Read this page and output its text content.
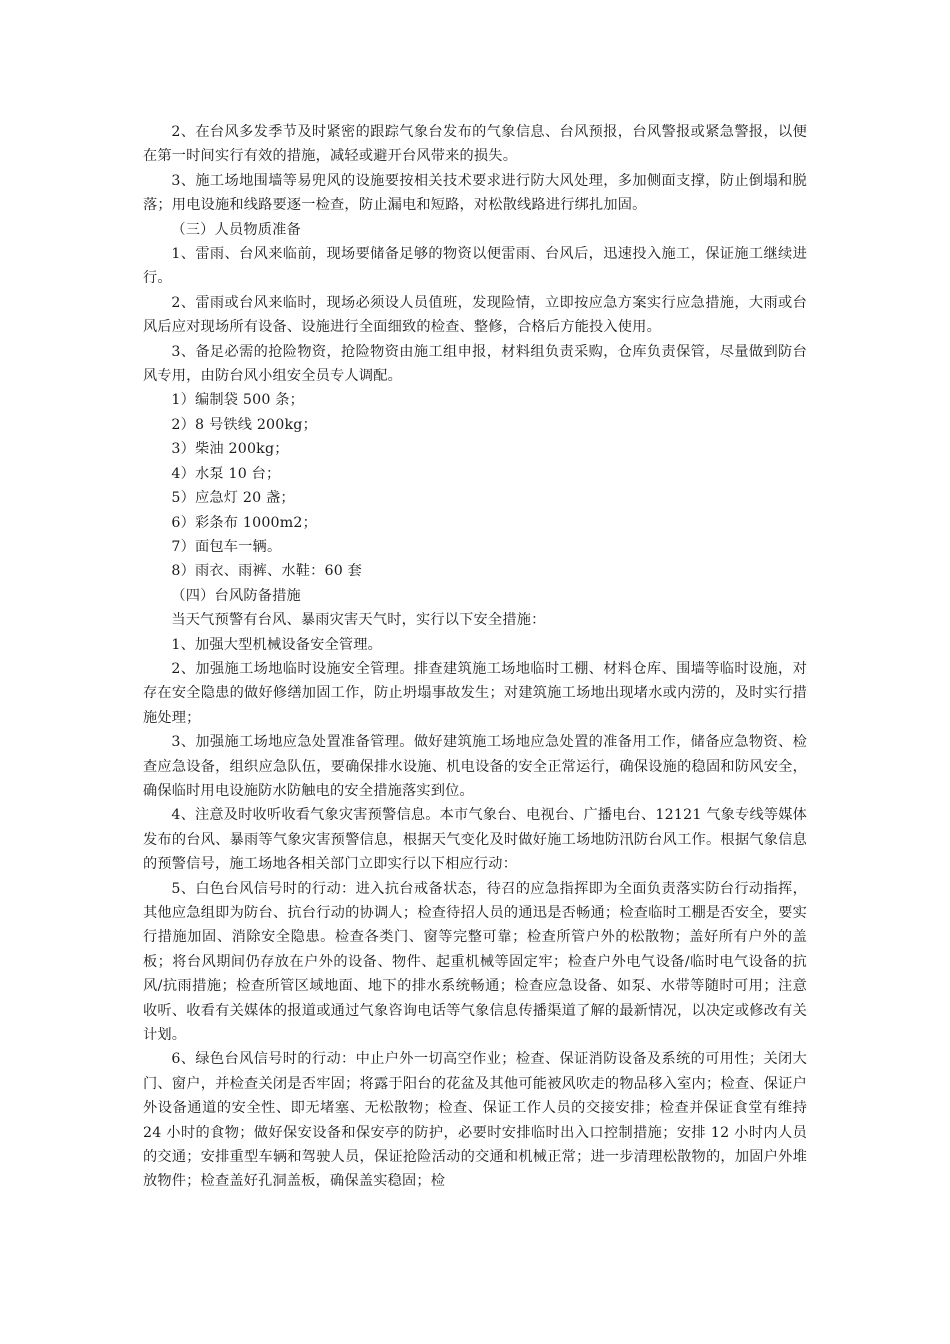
2、在台风多发季节及时紧密的跟踪气象台发布的气象信息、台风预报，台风警报或紧急警报，以便在第一时间实行有效的措施，减轻或避开台风带来的损失。

3、施工场地围墙等易兜风的设施要按相关技术要求进行防大风处理，多加侧面支撑，防止倒塌和脱落；用电设施和线路要逐一检查，防止漏电和短路，对松散线路进行绑扎加固。

（三）人员物质准备

1、雷雨、台风来临前，现场要储备足够的物资以便雷雨、台风后，迅速投入施工，保证施工继续进行。

2、雷雨或台风来临时，现场必须设人员值班，发现险情，立即按应急方案实行应急措施，大雨或台风后应对现场所有设备、设施进行全面细致的检查、整修，合格后方能投入使用。

3、备足必需的抢险物资，抢险物资由施工组申报，材料组负责采购，仓库负责保管，尽量做到防台风专用，由防台风小组安全员专人调配。

1）编制袋 500 条；

2）8 号铁线 200kg；

3）柴油 200kg；

4）水泵 10 台；

5）应急灯 20 盏；

6）彩条布 1000m2；

7）面包车一辆。

8）雨衣、雨裤、水鞋：60 套

（四）台风防备措施

当天气预警有台风、暴雨灾害天气时，实行以下安全措施：

1、加强大型机械设备安全管理。

2、加强施工场地临时设施安全管理。排查建筑施工场地临时工棚、材料仓库、围墙等临时设施，对存在安全隐患的做好修缮加固工作，防止坍塌事故发生；对建筑施工场地出现堵水或内涝的，及时实行措施处理；

3、加强施工场地应急处置准备管理。做好建筑施工场地应急处置的准备用工作，储备应急物资、检查应急设备，组织应急队伍，要确保排水设施、机电设备的安全正常运行，确保设施的稳固和防风安全，确保临时用电设施防水防触电的安全措施落实到位。

4、注意及时收听收看气象灾害预警信息。本市气象台、电视台、广播电台、12121 气象专线等媒体发布的台风、暴雨等气象灾害预警信息，根据天气变化及时做好施工场地防汛防台风工作。根据气象信息的预警信号，施工场地各相关部门立即实行以下相应行动：

5、白色台风信号时的行动：进入抗台戒备状态，待召的应急指挥即为全面负责落实防台行动指挥，其他应急组即为防台、抗台行动的协调人；检查待招人员的通迅是否畅通；检查临时工棚是否安全，要实行措施加固、消除安全隐患。检查各类门、窗等完整可靠；检查所管户外的松散物；盖好所有户外的盖板；将台风期间仍存放在户外的设备、物件、起重机械等固定牢；检查户外电气设备/临时电气设备的抗风/抗雨措施；检查所管区域地面、地下的排水系统畅通；检查应急设备、如泵、水带等随时可用；注意收听、收看有关媒体的报道或通过气象咨询电话等气象信息传播渠道了解的最新情况，以决定或修改有关计划。

6、绿色台风信号时的行动：中止户外一切高空作业；检查、保证消防设备及系统的可用性；关闭大门、窗户，并检查关闭是否牢固；将露于阳台的花盆及其他可能被风吹走的物品移入室内；检查、保证户外设备通道的安全性、即无堵塞、无松散物；检查、保证工作人员的交接安排；检查并保证食堂有维持 24 小时的食物；做好保安设备和保安亭的防护，必要时安排临时出入口控制措施；安排 12 小时内人员的交通；安排重型车辆和驾驶人员，保证抢险活动的交通和机械正常；进一步清理松散物的，加固户外堆放物件；检查盖好孔洞盖板，确保盖实稳固；检
